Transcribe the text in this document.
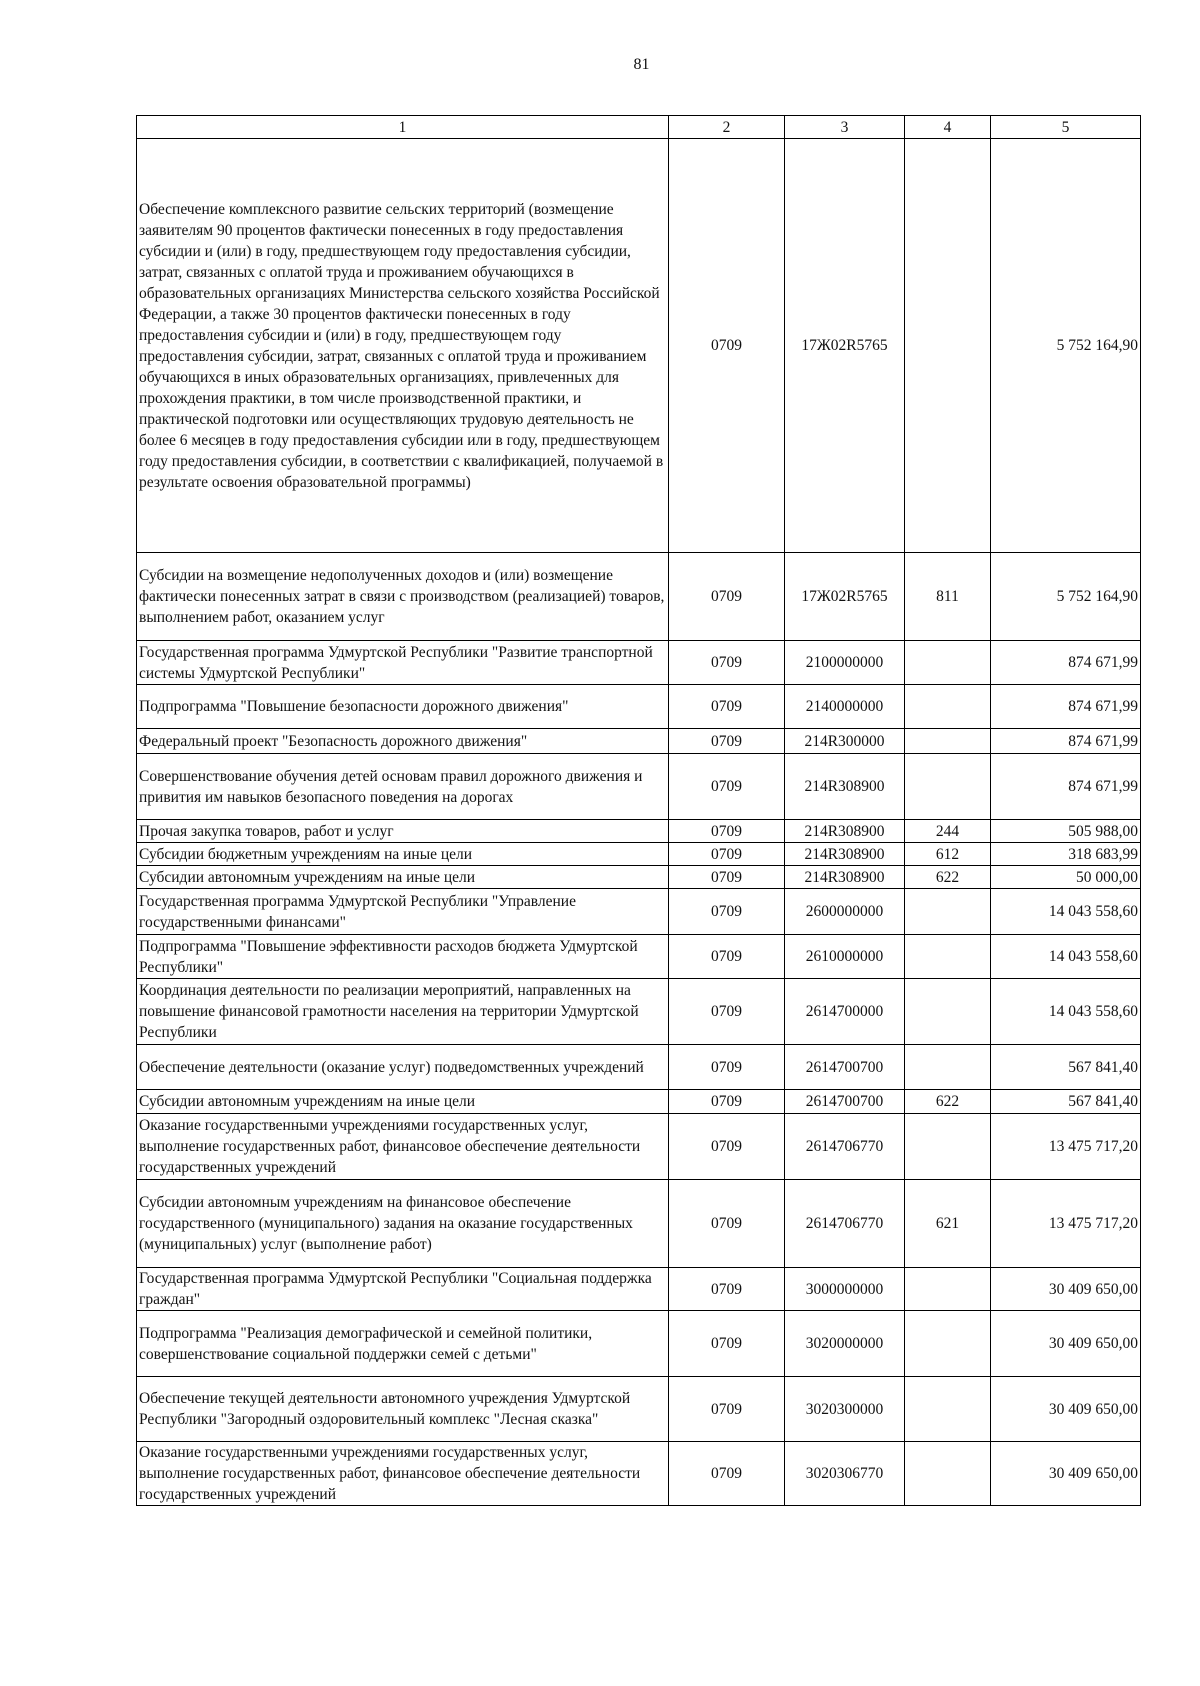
81
1	2	3	4	5
Обеспечение комплексного развитие сельских территорий (возмещение заявителям 90 процентов фактически понесенных в году предоставления субсидии и (или) в году, предшествующем году предоставления субсидии, затрат, связанных с оплатой труда и проживанием обучающихся в образовательных организациях Министерства сельского хозяйства Российской Федерации, а также 30 процентов фактически понесенных в году предоставления субсидии и (или) в году, предшествующем году предоставления субсидии, затрат, связанных с оплатой труда и проживанием обучающихся в иных образовательных организациях, привлеченных для прохождения практики, в том числе производственной практики, и практической подготовки или осуществляющих трудовую деятельность не более 6 месяцев в году предоставления субсидии или в году, предшествующем году предоставления субсидии, в соответствии с квалификацией, получаемой в результате освоения образовательной программы)	0709	17Ж02R5765		5 752 164,90
Субсидии на возмещение недополученных доходов и (или) возмещение фактически понесенных затрат в связи с производством (реализацией) товаров, выполнением работ, оказанием услуг	0709	17Ж02R5765	811	5 752 164,90
Государственная программа Удмуртской Республики "Развитие транспортной системы Удмуртской Республики"	0709	2100000000		874 671,99
Подпрограмма "Повышение безопасности дорожного движения"	0709	2140000000		874 671,99
Федеральный проект "Безопасность дорожного движения"	0709	214R300000		874 671,99
Совершенствование обучения детей основам правил дорожного движения и привития им навыков безопасного поведения на дорогах	0709	214R308900		874 671,99
Прочая закупка товаров, работ и услуг	0709	214R308900	244	505 988,00
Субсидии бюджетным учреждениям на иные цели	0709	214R308900	612	318 683,99
Субсидии автономным учреждениям на иные цели	0709	214R308900	622	50 000,00
Государственная программа Удмуртской Республики "Управление государственными финансами"	0709	2600000000		14 043 558,60
Подпрограмма "Повышение эффективности расходов бюджета Удмуртской Республики"	0709	2610000000		14 043 558,60
Координация деятельности по реализации мероприятий, направленных на повышение финансовой грамотности населения на территории Удмуртской Республики	0709	2614700000		14 043 558,60
Обеспечение деятельности (оказание услуг) подведомственных учреждений	0709	2614700700		567 841,40
Субсидии автономным учреждениям на иные цели	0709	2614700700	622	567 841,40
Оказание государственными учреждениями государственных услуг, выполнение государственных работ, финансовое обеспечение деятельности государственных учреждений	0709	2614706770		13 475 717,20
Субсидии автономным учреждениям на финансовое обеспечение государственного (муниципального) задания на оказание государственных (муниципальных) услуг (выполнение работ)	0709	2614706770	621	13 475 717,20
Государственная программа Удмуртской Республики "Социальная поддержка граждан"	0709	3000000000		30 409 650,00
Подпрограмма "Реализация демографической и семейной политики, совершенствование социальной поддержки семей с детьми"	0709	3020000000		30 409 650,00
Обеспечение текущей деятельности автономного учреждения Удмуртской Республики "Загородный оздоровительный комплекс "Лесная сказка"	0709	3020300000		30 409 650,00
Оказание государственными учреждениями государственных услуг, выполнение государственных работ, финансовое обеспечение деятельности государственных учреждений	0709	3020306770		30 409 650,00
